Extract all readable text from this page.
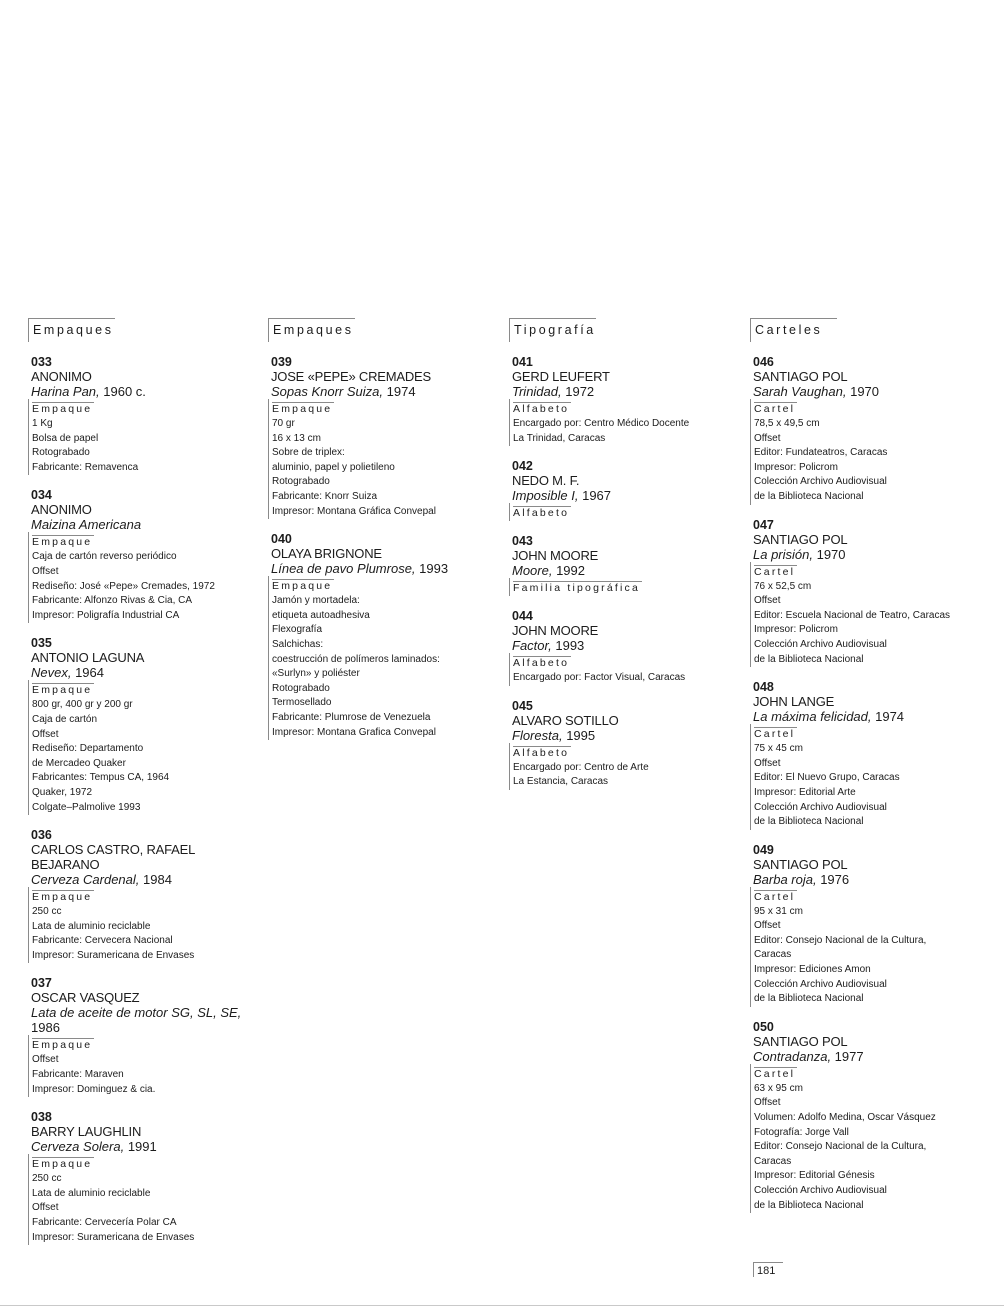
Empaques
033
ANONIMO
Harina Pan, 1960 c.
Empaque
1 Kg
Bolsa de papel
Rotograbado
Fabricante: Remavenca
034
ANONIMO
Maizina Americana
Empaque
Caja de cartón reverso periódico
Offset
Rediseño: José «Pepe» Cremades, 1972
Fabricante: Alfonzo Rivas & Cia, CA
Impresor: Poligrafía Industrial CA
035
ANTONIO LAGUNA
Nevex, 1964
Empaque
800 gr, 400 gr y 200 gr
Caja de cartón
Offset
Rediseño: Departamento
de Mercadeo Quaker
Fabricantes: Tempus CA, 1964
Quaker, 1972
Colgate–Palmolive 1993
036
CARLOS CASTRO, RAFAEL BEJARANO
Cerveza Cardenal, 1984
Empaque
250 cc
Lata de aluminio reciclable
Fabricante: Cervecera Nacional
Impresor: Suramericana de Envases
037
OSCAR VASQUEZ
Lata de aceite de motor SG, SL, SE, 1986
Empaque
Offset
Fabricante: Maraven
Impresor: Dominguez & cia.
038
BARRY LAUGHLIN
Cerveza Solera, 1991
Empaque
250 cc
Lata de aluminio reciclable
Offset
Fabricante: Cervecería Polar CA
Impresor: Suramericana de Envases
Empaques
039
JOSE «PEPE» CREMADES
Sopas Knorr Suiza, 1974
Empaque
70 gr
16 x 13 cm
Sobre de triplex:
aluminio, papel y polietileno
Rotograbado
Fabricante: Knorr Suiza
Impresor: Montana Gráfica Convepal
040
OLAYA BRIGNONE
Línea de pavo Plumrose, 1993
Empaque
Jamón y mortadela:
etiqueta autoadhesiva
Flexografía
Salchichas:
coestrucción de polímeros laminados:
«Surlyn» y poliéster
Rotograbado
Termosellado
Fabricante: Plumrose de Venezuela
Impresor: Montana Grafica Convepal
Tipografía
041
GERD LEUFERT
Trinidad, 1972
Alfabeto
Encargado por: Centro Médico Docente
La Trinidad, Caracas
042
NEDO M. F.
Imposible I, 1967
Alfabeto
043
JOHN MOORE
Moore, 1992
Familia tipográfica
044
JOHN MOORE
Factor, 1993
Alfabeto
Encargado por: Factor Visual, Caracas
045
ALVARO SOTILLO
Floresta, 1995
Alfabeto
Encargado por: Centro de Arte
La Estancia, Caracas
Carteles
046
SANTIAGO POL
Sarah Vaughan, 1970
Cartel
78,5 x 49,5 cm
Offset
Editor: Fundateatros, Caracas
Impresor: Policrom
Colección Archivo Audiovisual
de la Biblioteca Nacional
047
SANTIAGO POL
La prisión, 1970
Cartel
76 x 52,5 cm
Offset
Editor: Escuela Nacional de Teatro, Caracas
Impresor: Policrom
Colección Archivo Audiovisual
de la Biblioteca Nacional
048
JOHN LANGE
La máxima felicidad, 1974
Cartel
75 x 45 cm
Offset
Editor: El Nuevo Grupo, Caracas
Impresor: Editorial Arte
Colección Archivo Audiovisual
de la Biblioteca Nacional
049
SANTIAGO POL
Barba roja, 1976
Cartel
95 x 31 cm
Offset
Editor: Consejo Nacional de la Cultura,
Caracas
Impresor: Ediciones Amon
Colección Archivo Audiovisual
de la Biblioteca Nacional
050
SANTIAGO POL
Contradanza, 1977
Cartel
63 x 95 cm
Offset
Volumen: Adolfo Medina, Oscar Vásquez
Fotografía: Jorge Vall
Editor: Consejo Nacional de la Cultura,
Caracas
Impresor: Editorial Génesis
Colección Archivo Audiovisual
de la Biblioteca Nacional
181
